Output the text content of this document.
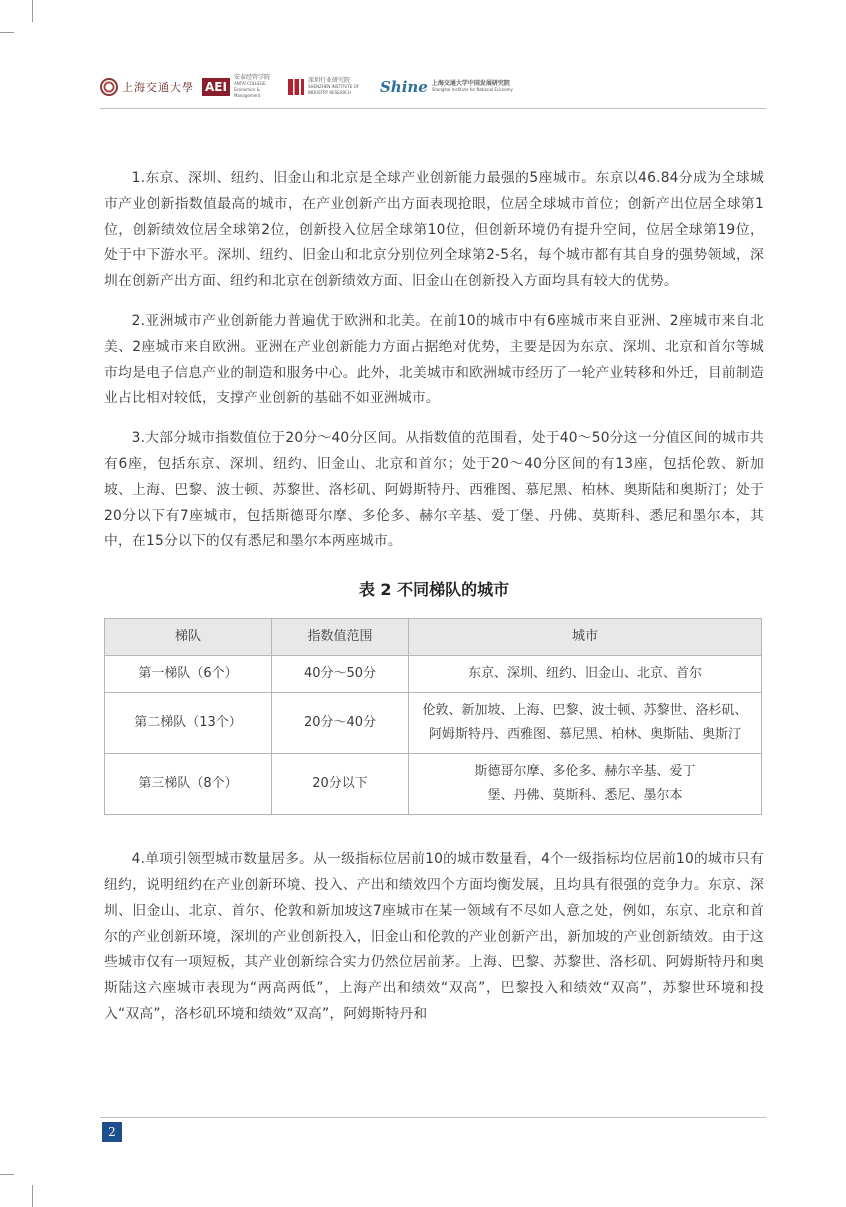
上海交通大學 AEI
安泰经管学院
ANTAI COLLEGE Economics & Management
深圳行业研究院
SHENZHEN INSTITUTE OF INDUSTRY RESEARCH	Shine 上海交通大学中国发展研究院
Shanghai Institute for National Economy

1.东京、深圳、纽约、旧金山和北京是全球产业创新能力最强的5座城市。东京以46.84分成为全球城市产业创新指数值最高的城市，在产业创新产出方面表现抢眼，位居全球城市首位；创新产出位居全球第1位，创新绩效位居全球第2位，创新投入位居全球第10位，但创新环境仍有提升空间，位居全球第19位，处于中下游水平。深圳、纽约、旧金山和北京分别位列全球第2-5名，每个城市都有其自身的强势领域，深圳在创新产出方面、纽约和北京在创新绩效方面、旧金山在创新投入方面均具有较大的优势。

2.亚洲城市产业创新能力普遍优于欧洲和北美。在前10的城市中有6座城市来自亚洲、2座城市来自北美、2座城市来自欧洲。亚洲在产业创新能力方面占据绝对优势，主要是因为东京、深圳、北京和首尔等城市均是电子信息产业的制造和服务中心。此外，北美城市和欧洲城市经历了一轮产业转移和外迁，目前制造业占比相对较低，支撑产业创新的基础不如亚洲城市。

3.大部分城市指数值位于20分～40分区间。从指数值的范围看，处于40～50分这一分值区间的城市共有6座，包括东京、深圳、纽约、旧金山、北京和首尔；处于20～40分区间的有13座，包括伦敦、新加坡、上海、巴黎、波士顿、苏黎世、洛杉矶、阿姆斯特丹、西雅图、慕尼黑、柏林、奥斯陆和奥斯汀；处于20分以下有7座城市，包括斯德哥尔摩、多伦多、赫尔辛基、爱丁堡、丹佛、莫斯科、悉尼和墨尔本，其中，在15分以下的仅有悉尼和墨尔本两座城市。

表 2 不同梯队的城市
梯队	指数值范围	城市
第一梯队（6个）	40分～50分	东京、深圳、纽约、旧金山、北京、首尔
第二梯队（13个）	20分～40分	伦敦、新加坡、上海、巴黎、波士顿、苏黎世、洛杉矶、阿姆斯特丹、西雅图、慕尼黑、柏林、奥斯陆、奥斯汀
第三梯队（8个）	20分以下	斯德哥尔摩、多伦多、赫尔辛基、爱丁堡、丹佛、莫斯科、悉尼、墨尔本

4.单项引领型城市数量居多。从一级指标位居前10的城市数量看，4个一级指标均位居前10的城市只有纽约，说明纽约在产业创新环境、投入、产出和绩效四个方面均衡发展，且均具有很强的竞争力。东京、深圳、旧金山、北京、首尔、伦敦和新加坡这7座城市在某一领域有不尽如人意之处，例如，东京、北京和首尔的产业创新环境，深圳的产业创新投入，旧金山和伦敦的产业创新产出，新加坡的产业创新绩效。由于这些城市仅有一项短板，其产业创新综合实力仍然位居前茅。上海、巴黎、苏黎世、洛杉矶、阿姆斯特丹和奥斯陆这六座城市表现为“两高两低”，上海产出和绩效“双高”，巴黎投入和绩效“双高”，苏黎世环境和投入“双高”，洛杉矶环境和绩效“双高”，阿姆斯特丹和

2
